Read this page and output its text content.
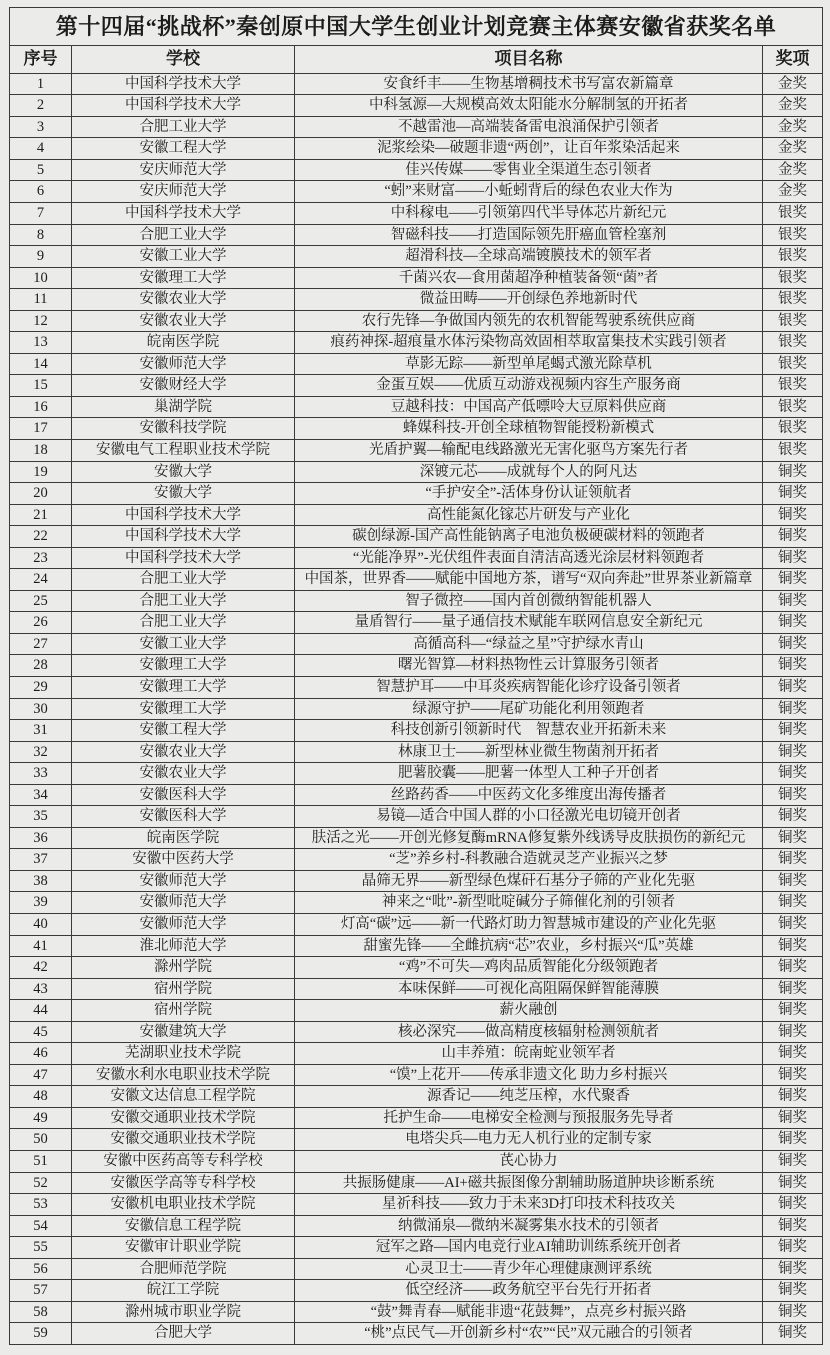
第十四届“挑战杯”秦创原中国大学生创业计划竞赛主体赛安徽省获奖名单			
序号	学校	项目名称	奖项
1	中国科学技术大学	安食纤丰——生物基增稠技术书写富农新篇章	金奖
2	中国科学技术大学	中科氢源—大规模高效太阳能水分解制氢的开拓者	金奖
3	合肥工业大学	不越雷池—高端装备雷电浪涌保护引领者	金奖
4	安徽工程大学	泥浆绘染—破题非遗“两创”，让百年浆染活起来	金奖
5	安庆师范大学	佳兴传媒——零售业全渠道生态引领者	金奖
6	安庆师范大学	“蚓”来财富——小蚯蚓背后的绿色农业大作为	金奖
7	中国科学技术大学	中科稼电——引领第四代半导体芯片新纪元	银奖
8	合肥工业大学	智磁科技——打造国际领先肝癌血管栓塞剂	银奖
9	安徽工业大学	超滑科技—全球高端镀膜技术的领军者	银奖
10	安徽理工大学	千菌兴农—食用菌超净种植装备领“菌”者	银奖
11	安徽农业大学	微益田畴——开创绿色养地新时代	银奖
12	安徽农业大学	农行先锋—争做国内领先的农机智能驾驶系统供应商	银奖
13	皖南医学院	痕药神探-超痕量水体污染物高效固相萃取富集技术实践引领者	银奖
14	安徽师范大学	草影无踪——新型单尾蝎式激光除草机	银奖
15	安徽财经大学	金蛋互娱——优质互动游戏视频内容生产服务商	银奖
16	巢湖学院	豆越科技：中国高产低嘌呤大豆原料供应商	银奖
17	安徽科技学院	蜂媒科技-开创全球植物智能授粉新模式	银奖
18	安徽电气工程职业技术学院	光盾护翼—输配电线路激光无害化驱鸟方案先行者	银奖
19	安徽大学	深镀元芯——成就每个人的阿凡达	铜奖
20	安徽大学	“手护安全”-活体身份认证领航者	铜奖
21	中国科学技术大学	高性能氮化镓芯片研发与产业化	铜奖
22	中国科学技术大学	碳创绿源-国产高性能钠离子电池负极硬碳材料的领跑者	铜奖
23	中国科学技术大学	“光能净界”-光伏组件表面自清洁高透光涂层材料领跑者	铜奖
24	合肥工业大学	中国茶，世界香——赋能中国地方茶，谱写“双向奔赴”世界茶业新篇章	铜奖
25	合肥工业大学	智子微控——国内首创微纳智能机器人	铜奖
26	合肥工业大学	量盾智行——量子通信技术赋能车联网信息安全新纪元	铜奖
27	安徽工业大学	高循高科—“绿益之星”守护绿水青山	铜奖
28	安徽理工大学	曙光智算—材料热物性云计算服务引领者	铜奖
29	安徽理工大学	智慧护耳——中耳炎疾病智能化诊疗设备引领者	铜奖
30	安徽理工大学	绿源守护——尾矿功能化利用领跑者	铜奖
31	安徽工程大学	科技创新引领新时代　智慧农业开拓新未来	铜奖
32	安徽农业大学	林康卫士——新型林业微生物菌剂开拓者	铜奖
33	安徽农业大学	肥薯胶囊——肥薯一体型人工种子开创者	铜奖
34	安徽医科大学	丝路药香——中医药文化多维度出海传播者	铜奖
35	安徽医科大学	易镜—适合中国人群的小口径激光电切镜开创者	铜奖
36	皖南医学院	肤活之光——开创光修复酶mRNA修复紫外线诱导皮肤损伤的新纪元	铜奖
37	安徽中医药大学	“芝”养乡村-科教融合造就灵芝产业振兴之梦	铜奖
38	安徽师范大学	晶筛无界——新型绿色煤矸石基分子筛的产业化先驱	铜奖
39	安徽师范大学	神来之“吡”-新型吡啶碱分子筛催化剂的引领者	铜奖
40	安徽师范大学	灯高“碳”远——新一代路灯助力智慧城市建设的产业化先驱	铜奖
41	淮北师范大学	甜蜜先锋——全雌抗病“芯”农业，乡村振兴“瓜”英雄	铜奖
42	滁州学院	“鸡”不可失—鸡肉品质智能化分级领跑者	铜奖
43	宿州学院	本味保鲜——可视化高阻隔保鲜智能薄膜	铜奖
44	宿州学院	薪火融创	铜奖
45	安徽建筑大学	核必深究——做高精度核辐射检测领航者	铜奖
46	芜湖职业技术学院	山丰养殖：皖南蛇业领军者	铜奖
47	安徽水利水电职业技术学院	“馍”上花开——传承非遗文化 助力乡村振兴	铜奖
48	安徽文达信息工程学院	源香记——纯芝压榨，水代聚香	铜奖
49	安徽交通职业技术学院	托护生命——电梯安全检测与预报服务先导者	铜奖
50	安徽交通职业技术学院	电塔尖兵—电力无人机行业的定制专家	铜奖
51	安徽中医药高等专科学校	芪心协力	铜奖
52	安徽医学高等专科学校	共振肠健康——AI+磁共振图像分割辅助肠道肿块诊断系统	铜奖
53	安徽机电职业技术学院	星祈科技——致力于未来3D打印技术科技攻关	铜奖
54	安徽信息工程学院	纳微涌泉—微纳米凝雾集水技术的引领者	铜奖
55	安徽审计职业学院	冠军之路—国内电竞行业AI辅助训练系统开创者	铜奖
56	合肥师范学院	心灵卫士——青少年心理健康测评系统	铜奖
57	皖江工学院	低空经济——政务航空平台先行开拓者	铜奖
58	滁州城市职业学院	“鼓”舞青春—赋能非遗“花鼓舞”，点亮乡村振兴路	铜奖
59	合肥大学	“桃”点民气—开创新乡村“农”“民”双元融合的引领者	铜奖
